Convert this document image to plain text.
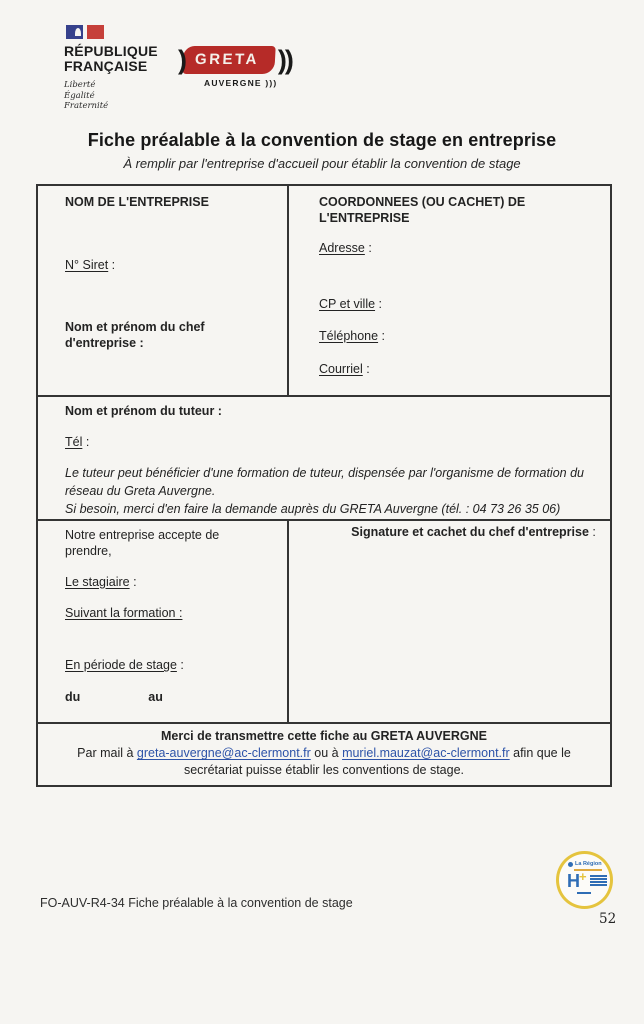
RÉPUBLIQUE
FRANÇAISE
Liberté
Égalité
Fraternité
) GRETA ))
AUVERGNE )))
Fiche préalable à la convention de stage en entreprise
À remplir par l'entreprise d'accueil pour établir la convention de stage
NOM DE L'ENTREPRISE
N° Siret :
Nom et prénom du chef d'entreprise :
COORDONNEES (OU CACHET) DE L'ENTREPRISE
Adresse :
CP et ville :
Téléphone :
Courriel :
Nom et prénom du tuteur :
Tél :
Le tuteur peut bénéficier d'une formation de tuteur, dispensée par l'organisme de formation du réseau du Greta Auvergne.
Si besoin, merci d'en faire la demande auprès du GRETA Auvergne (tél. : 04 73 26 35 06)
Notre entreprise accepte de prendre,
Le stagiaire :
Suivant la formation :
En période de stage :
du	au
Signature et cachet du chef d'entreprise :
Merci de transmettre cette fiche au GRETA AUVERGNE
Par mail à greta-auvergne@ac-clermont.fr ou à muriel.mauzat@ac-clermont.fr afin que le secrétariat puisse établir les conventions de stage.
La Région
H +
FO-AUV-R4-34 Fiche préalable à la convention de stage
52
